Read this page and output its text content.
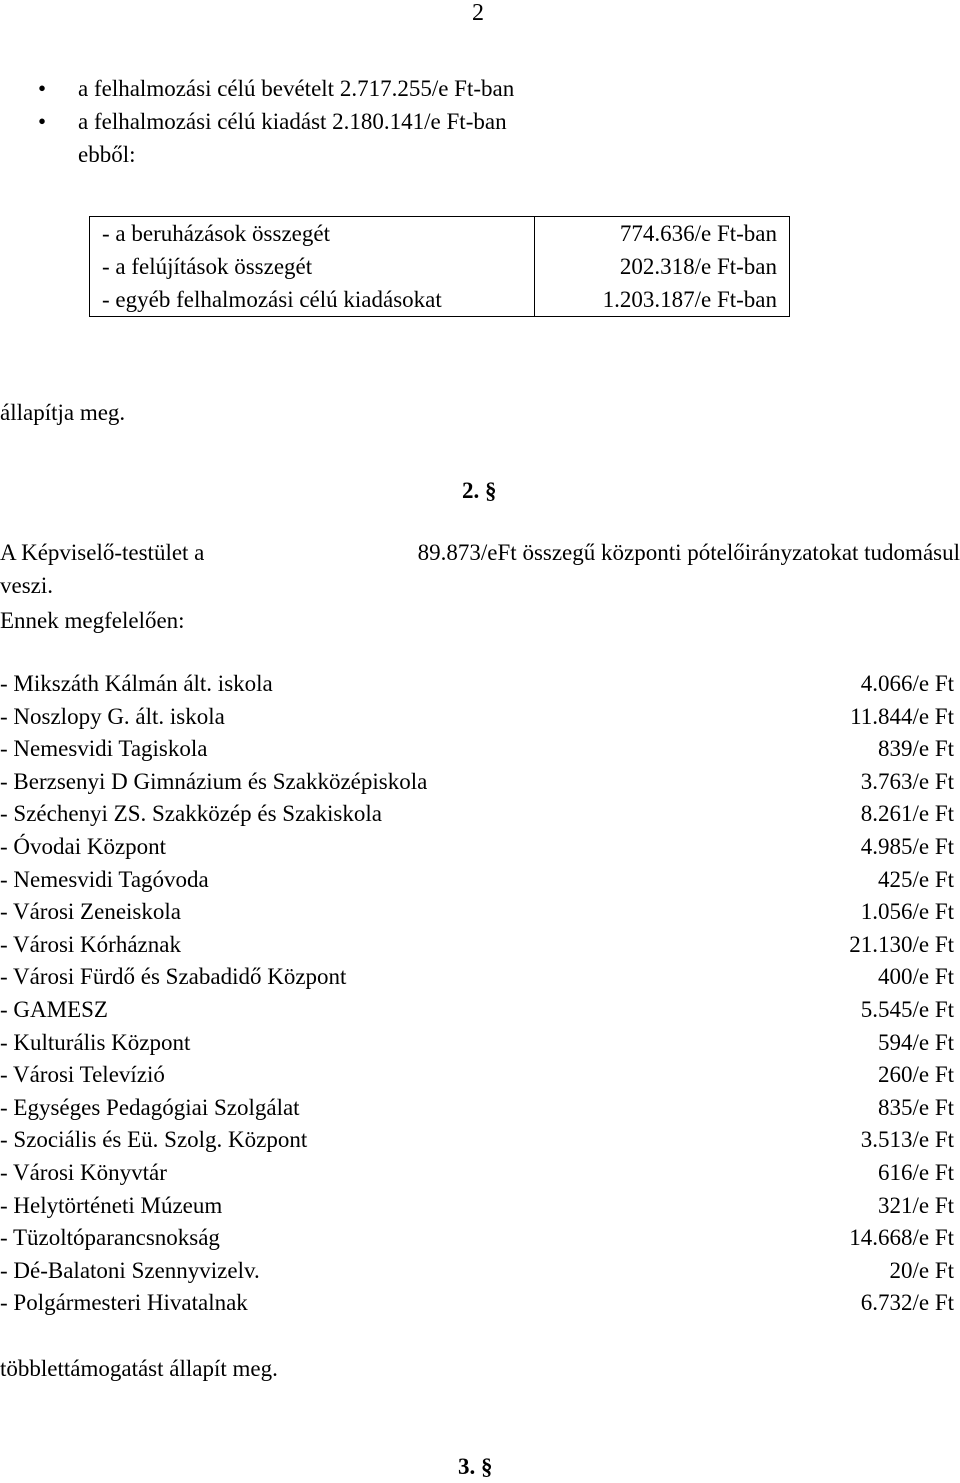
2
• a felhalmozási célú bevételt 2.717.255/e Ft-ban
• a felhalmozási célú kiadást 2.180.141/e Ft-ban
ebből:
- a beruházások összegét	774.636/e Ft-ban
- a felújítások összegét	202.318/e Ft-ban
- egyéb felhalmozási célú kiadásokat	1.203.187/e Ft-ban
állapítja meg.
2. §
A Képviselő-testület a	89.873/eFt összegű központi pótelőirányzatokat tudomásul
veszi.
Ennek megfelelően:
- Mikszáth Kálmán ált. iskola	4.066/e Ft
- Noszlopy G. ált. iskola	11.844/e Ft
- Nemesvidi Tagiskola	839/e Ft
- Berzsenyi D Gimnázium és Szakközépiskola	3.763/e Ft
- Széchenyi ZS. Szakközép és Szakiskola	8.261/e Ft
- Óvodai Központ	4.985/e Ft
- Nemesvidi Tagóvoda	425/e Ft
- Városi Zeneiskola	1.056/e Ft
- Városi Kórháznak	21.130/e Ft
- Városi Fürdő és Szabadidő Központ	400/e Ft
- GAMESZ	5.545/e Ft
- Kulturális Központ	594/e Ft
- Városi Televízió	260/e Ft
- Egységes Pedagógiai Szolgálat	835/e Ft
- Szociális és Eü. Szolg. Központ	3.513/e Ft
- Városi Könyvtár	616/e Ft
- Helytörténeti Múzeum	321/e Ft
- Tüzoltóparancsnokság	14.668/e Ft
- Dé-Balatoni Szennyvizelv.	20/e Ft
- Polgármesteri Hivatalnak	6.732/e Ft
többlettámogatást állapít meg.
3. §
